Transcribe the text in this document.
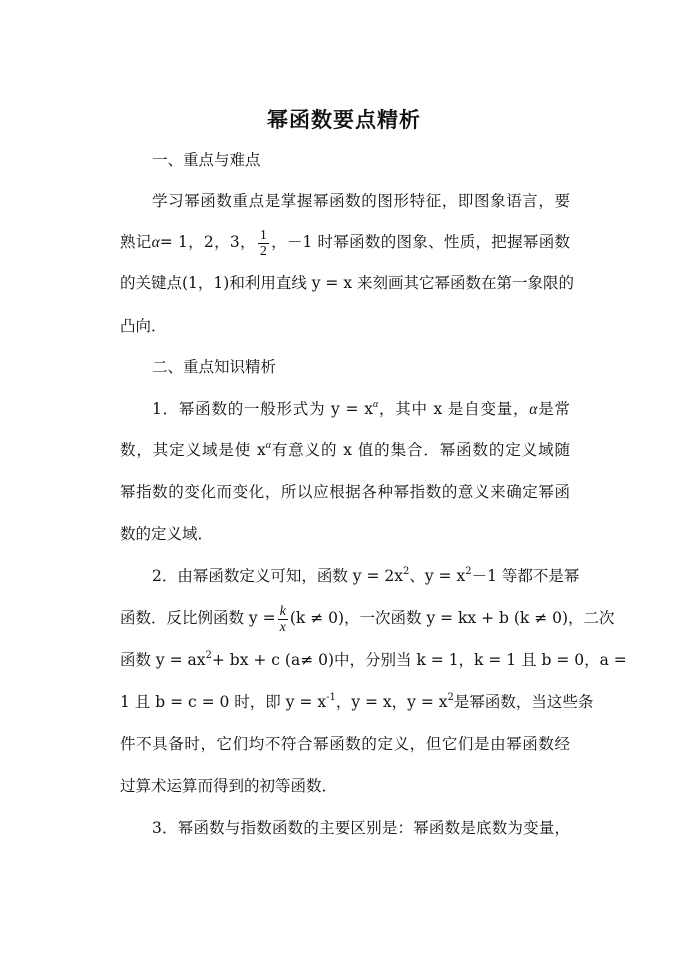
幂函数要点精析
一、重点与难点
学习幂函数重点是掌握幂函数的图形特征，即图象语言，要
熟记α= 1，2，3， $\frac{1}{2}$ ，－1 时幂函数的图象、性质，把握幂函数
的关键点(1，1)和利用直线 y = x 来刻画其它幂函数在第一象限的
凸向．
二、重点知识精析
1．幂函数的一般形式为 $y = x^\alpha$，其中 x 是自变量，α是常
数，其定义域是使 $x^\alpha$有意义的 x 值的集合．幂函数的定义域随
幂指数的变化而变化，所以应根据各种幂指数的意义来确定幂函
数的定义域．
2．由幂函数定义可知，函数 $y = 2x^2$、$y = x^2-1$ 等都不是幂
函数．反比例函数 $y = \frac{k}{x} (k \ne 0)$，一次函数 y = kx + b (k ≠ 0)，二次
函数 $y = ax^2+$ bx + c (a≠ 0)中，分别当 k = 1，k = 1 且 b = 0，a =
1 且 b = c = 0 时，即 $y = x^{-1}$，y = x，$y = x^2$是幂函数，当这些条
件不具备时，它们均不符合幂函数的定义，但它们是由幂函数经
过算术运算而得到的初等函数．
3．幂函数与指数函数的主要区别是：幂函数是底数为变量，
